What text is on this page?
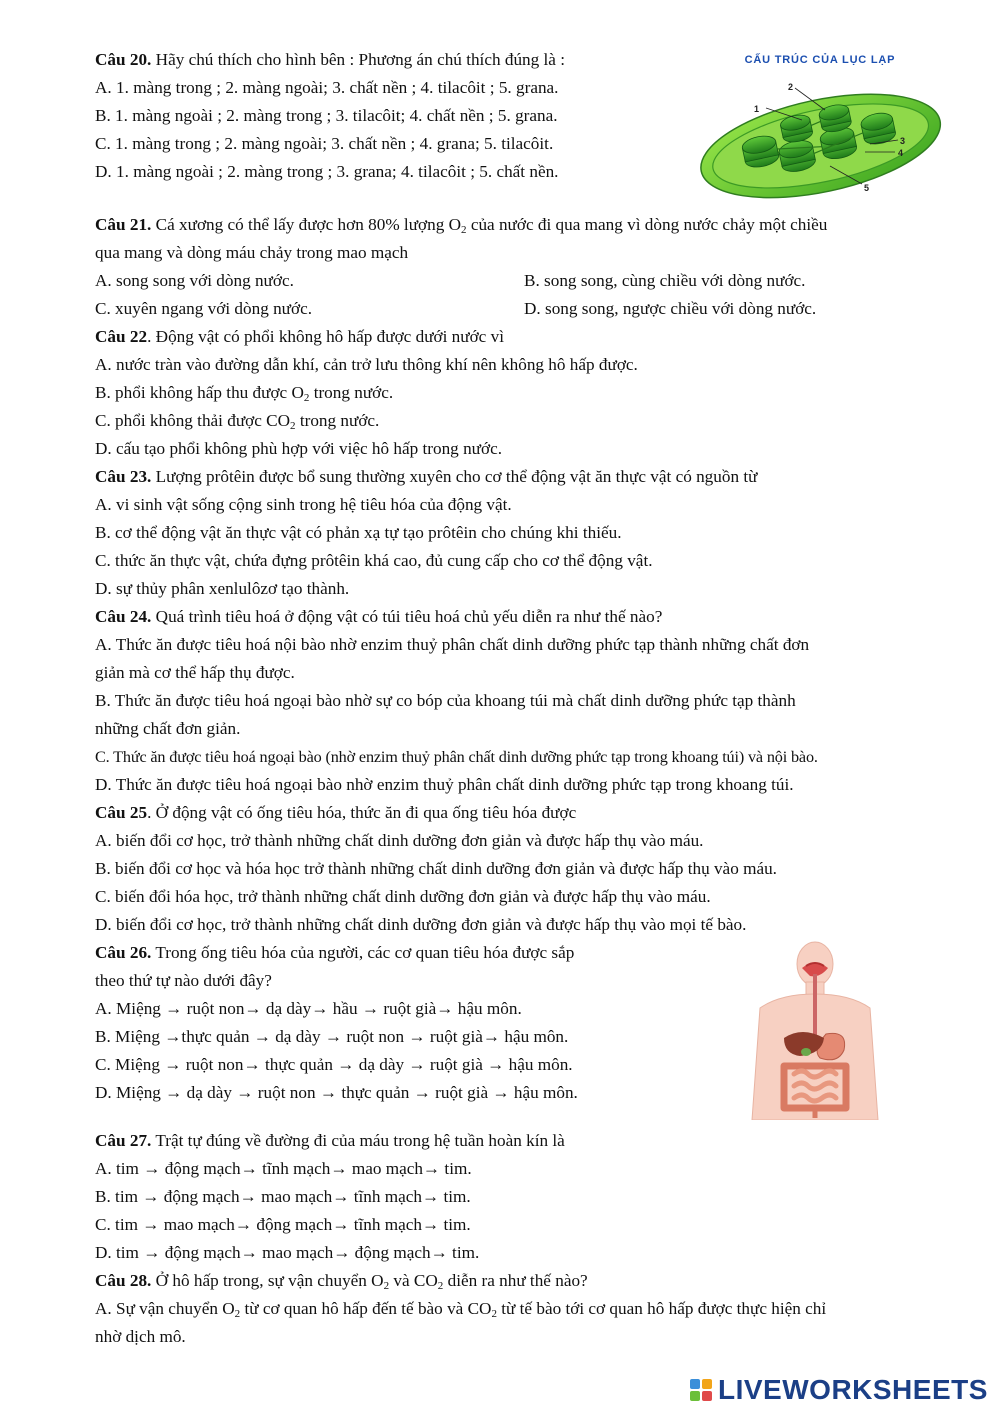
Câu 20. Hãy chú thích cho hình bên : Phương án chú thích đúng là :
A. 1. màng trong ; 2. màng ngoài; 3. chất nền ; 4. tilacôit ; 5. grana.
B. 1. màng ngoài ; 2. màng trong ; 3. tilacôit; 4. chất nền ; 5. grana.
C. 1. màng trong ; 2. màng ngoài; 3. chất nền ; 4. grana; 5. tilacôit.
D. 1. màng ngoài ; 2. màng trong ; 3. grana; 4. tilacôit ; 5. chất nền.
CẤU TRÚC CỦA LỤC LẠP
1
2
3
4
5
Câu 21. Cá xương có thể lấy được hơn 80% lượng $O_2$ của nước đi qua mang vì dòng nước chảy một chiều
qua mang và dòng máu chảy trong mao mạch
A. song song với dòng nước.	B. song song, cùng chiều với dòng nước.
C. xuyên ngang với dòng nước.	D. song song, ngược chiều với dòng nước.
Câu 22. Động vật có phổi không hô hấp được dưới nước vì
A. nước tràn vào đường dẫn khí, cản trở lưu thông khí nên không hô hấp được.
B. phổi không hấp thu được $O_2$ trong nước.
C. phổi không thải được $CO_2$ trong nước.
D. cấu tạo phổi không phù hợp với việc hô hấp trong nước.
Câu 23. Lượng prôtêin được bổ sung thường xuyên cho cơ thể động vật ăn thực vật có nguồn từ
A. vi sinh vật sống cộng sinh trong hệ tiêu hóa của động vật.
B. cơ thể động vật ăn thực vật có phản xạ tự tạo prôtêin cho chúng khi thiếu.
C. thức ăn thực vật, chứa đựng prôtêin khá cao, đủ cung cấp cho cơ thể động vật.
D. sự thủy phân xenlulôzơ tạo thành.
Câu 24. Quá trình tiêu hoá ở động vật có túi tiêu hoá chủ yếu diễn ra như thế nào?
A. Thức ăn được tiêu hoá nội bào nhờ enzim thuỷ phân chất dinh dưỡng phức tạp thành những chất đơn
giản mà cơ thể hấp thụ được.
B. Thức ăn được tiêu hoá ngoại bào nhờ sự co bóp của khoang túi mà chất dinh dưỡng phức tạp thành
những chất đơn giản.
C. Thức ăn được tiêu hoá ngoại bào (nhờ enzim thuỷ phân chất dinh dưỡng phức tạp trong khoang túi) và nội bào.
D. Thức ăn được tiêu hoá ngoại bào nhờ enzim thuỷ phân chất dinh dưỡng phức tạp trong khoang túi.
Câu 25. Ở động vật có ống tiêu hóa, thức ăn đi qua ống tiêu hóa được
A. biến đổi cơ học, trở thành những chất dinh dưỡng đơn giản và được hấp thụ vào máu.
B. biến đổi cơ học và hóa học trở thành những chất dinh dưỡng đơn giản và được hấp thụ vào máu.
C. biến đổi hóa học, trở thành những chất dinh dưỡng đơn giản và được hấp thụ vào máu.
D. biến đổi cơ học, trở thành những chất dinh dưỡng đơn giản và được hấp thụ vào mọi tế bào.
Câu 26. Trong ống tiêu hóa của người, các cơ quan tiêu hóa được sắp
theo thứ tự nào dưới đây?
A. Miệng → ruột non→ dạ dày→ hầu → ruột già→ hậu môn.
B. Miệng →thực quản → dạ dày → ruột non → ruột già→ hậu môn.
C. Miệng → ruột non→ thực quản → dạ dày → ruột già → hậu môn.
D. Miệng → dạ dày → ruột non → thực quản → ruột già → hậu môn.
Câu 27. Trật tự đúng về đường đi của máu trong hệ tuần hoàn kín là
A. tim → động mạch→ tĩnh mạch→ mao mạch→ tim.
B. tim → động mạch→ mao mạch→ tĩnh mạch→ tim.
C. tim → mao mạch→ động mạch→ tĩnh mạch→ tim.
D. tim → động mạch→ mao mạch→ động mạch→ tim.
Câu 28. Ở hô hấp trong, sự vận chuyển $O_2$ và $CO_2$ diễn ra như thế nào?
A. Sự vận chuyển $O_2$ từ cơ quan hô hấp đến tế bào và $CO_2$ từ tế bào tới cơ quan hô hấp được thực hiện chỉ
nhờ dịch mô.
LIVEWORKSHEETS
